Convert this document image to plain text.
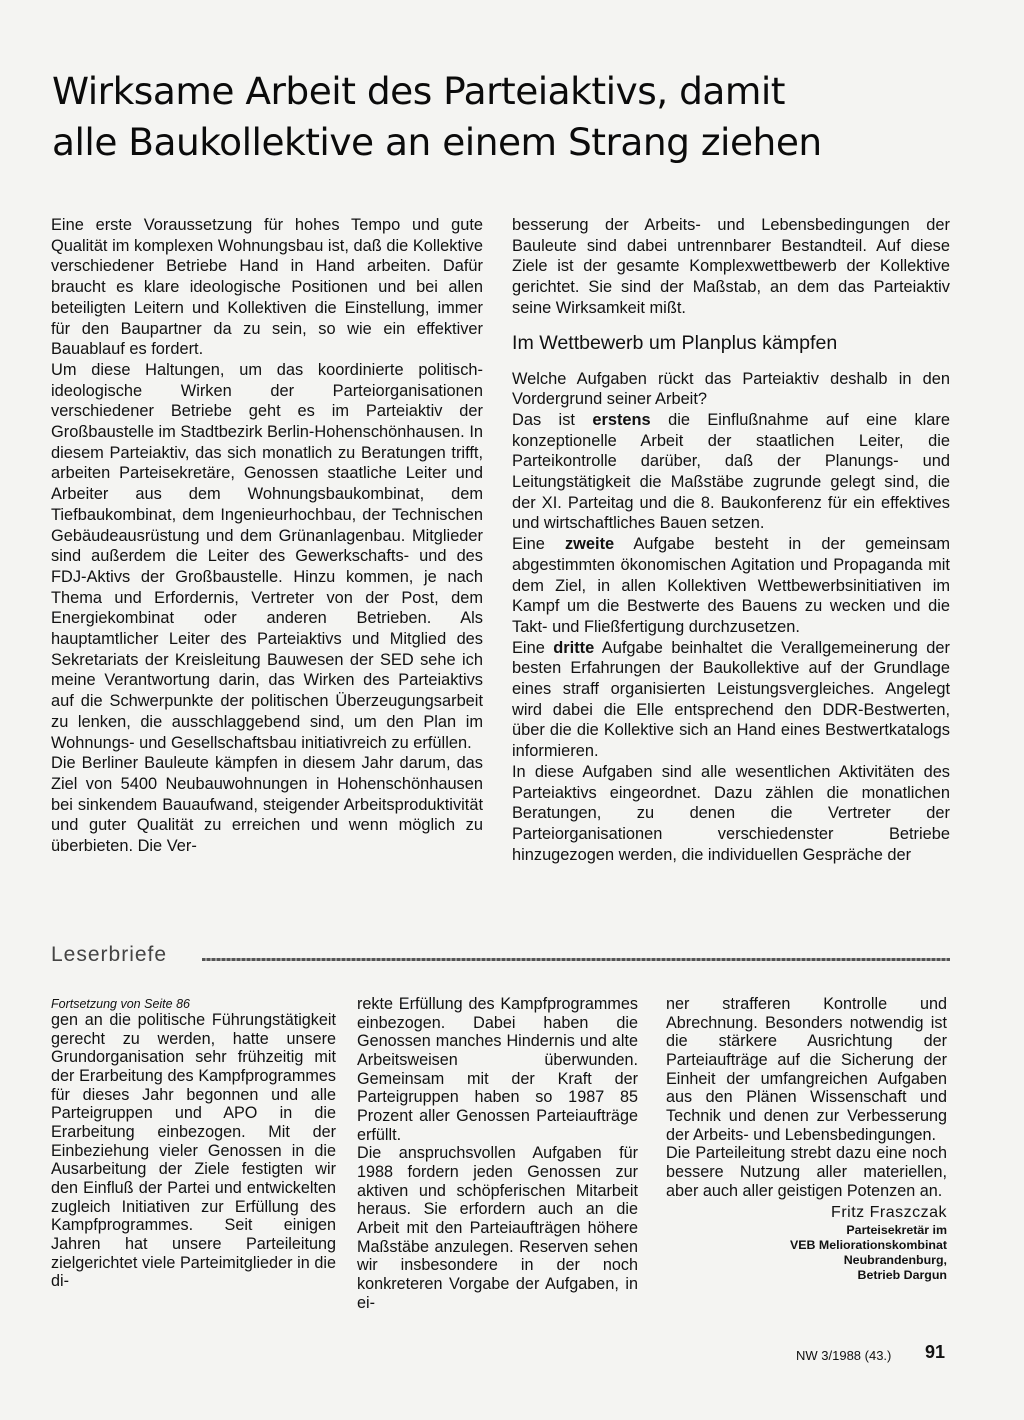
Wirksame Arbeit des Parteiaktivs, damit
alle Baukollektive an einem Strang ziehen

Eine erste Voraussetzung für hohes Tempo und gute Qualität im komplexen Wohnungsbau ist, daß die Kollektive verschiedener Betriebe Hand in Hand arbeiten. Dafür braucht es klare ideologische Positionen und bei allen beteiligten Leitern und Kollektiven die Einstellung, immer für den Baupartner da zu sein, so wie ein effektiver Bauablauf es fordert.

Um diese Haltungen, um das koordinierte politisch-ideologische Wirken der Parteiorganisationen verschiedener Betriebe geht es im Parteiaktiv der Großbaustelle im Stadtbezirk Berlin-Hohenschönhausen. In diesem Parteiaktiv, das sich monatlich zu Beratungen trifft, arbeiten Parteisekretäre, Genossen staatliche Leiter und Arbeiter aus dem Wohnungsbaukombinat, dem Tiefbaukombinat, dem Ingenieurhochbau, der Technischen Gebäudeausrüstung und dem Grünanlagenbau. Mitglieder sind außerdem die Leiter des Gewerkschafts- und des FDJ-Aktivs der Großbaustelle. Hinzu kommen, je nach Thema und Erfordernis, Vertreter von der Post, dem Energiekombinat oder anderen Betrieben. Als hauptamtlicher Leiter des Parteiaktivs und Mitglied des Sekretariats der Kreisleitung Bauwesen der SED sehe ich meine Verantwortung darin, das Wirken des Parteiaktivs auf die Schwerpunkte der politischen Überzeugungsarbeit zu lenken, die ausschlaggebend sind, um den Plan im Wohnungs- und Gesellschaftsbau initiativreich zu erfüllen.

Die Berliner Bauleute kämpfen in diesem Jahr darum, das Ziel von 5400 Neubauwohnungen in Hohenschönhausen bei sinkendem Bauaufwand, steigender Arbeitsproduktivität und guter Qualität zu erreichen und wenn möglich zu überbieten. Die Ver-

besserung der Arbeits- und Lebensbedingungen der Bauleute sind dabei untrennbarer Bestandteil. Auf diese Ziele ist der gesamte Komplexwettbewerb der Kollektive gerichtet. Sie sind der Maßstab, an dem das Parteiaktiv seine Wirksamkeit mißt.

Im Wettbewerb um Planplus kämpfen

Welche Aufgaben rückt das Parteiaktiv deshalb in den Vordergrund seiner Arbeit?

Das ist erstens die Einflußnahme auf eine klare konzeptionelle Arbeit der staatlichen Leiter, die Parteikontrolle darüber, daß der Planungs- und Leitungstätigkeit die Maßstäbe zugrunde gelegt sind, die der XI. Parteitag und die 8. Baukonferenz für ein effektives und wirtschaftliches Bauen setzen.

Eine zweite Aufgabe besteht in der gemeinsam abgestimmten ökonomischen Agitation und Propaganda mit dem Ziel, in allen Kollektiven Wettbewerbsinitiativen im Kampf um die Bestwerte des Bauens zu wecken und die Takt- und Fließfertigung durchzusetzen.

Eine dritte Aufgabe beinhaltet die Verallgemeinerung der besten Erfahrungen der Baukollektive auf der Grundlage eines straff organisierten Leistungsvergleiches. Angelegt wird dabei die Elle entsprechend den DDR-Bestwerten, über die die Kollektive sich an Hand eines Bestwertkatalogs informieren.

In diese Aufgaben sind alle wesentlichen Aktivitäten des Parteiaktivs eingeordnet. Dazu zählen die monatlichen Beratungen, zu denen die Vertreter der Parteiorganisationen verschiedenster Betriebe hinzugezogen werden, die individuellen Gespräche der

Leserbriefe

Fortsetzung von Seite 86

gen an die politische Führungstätigkeit gerecht zu werden, hatte unsere Grundorganisation sehr frühzeitig mit der Erarbeitung des Kampfprogrammes für dieses Jahr begonnen und alle Parteigruppen und APO in die Erarbeitung einbezogen. Mit der Einbeziehung vieler Genossen in die Ausarbeitung der Ziele festigten wir den Einfluß der Partei und entwickelten zugleich Initiativen zur Erfüllung des Kampfprogrammes. Seit einigen Jahren hat unsere Parteileitung zielgerichtet viele Parteimitglieder in die di-

rekte Erfüllung des Kampfprogrammes einbezogen. Dabei haben die Genossen manches Hindernis und alte Arbeitsweisen überwunden. Gemeinsam mit der Kraft der Parteigruppen haben so 1987 85 Prozent aller Genossen Parteiaufträge erfüllt.

Die anspruchsvollen Aufgaben für 1988 fordern jeden Genossen zur aktiven und schöpferischen Mitarbeit heraus. Sie erfordern auch an die Arbeit mit den Parteiaufträgen höhere Maßstäbe anzulegen. Reserven sehen wir insbesondere in der noch konkreteren Vorgabe der Aufgaben, in ei-

ner strafferen Kontrolle und Abrechnung. Besonders notwendig ist die stärkere Ausrichtung der Parteiaufträge auf die Sicherung der Einheit der umfangreichen Aufgaben aus den Plänen Wissenschaft und Technik und denen zur Verbesserung der Arbeits- und Lebensbedingungen.

Die Parteileitung strebt dazu eine noch bessere Nutzung aller materiellen, aber auch aller geistigen Potenzen an.

Fritz Fraszczak
Parteisekretär im
VEB Meliorationskombinat
Neubrandenburg,
Betrieb Dargun
NW 3/1988 (43.) 91
